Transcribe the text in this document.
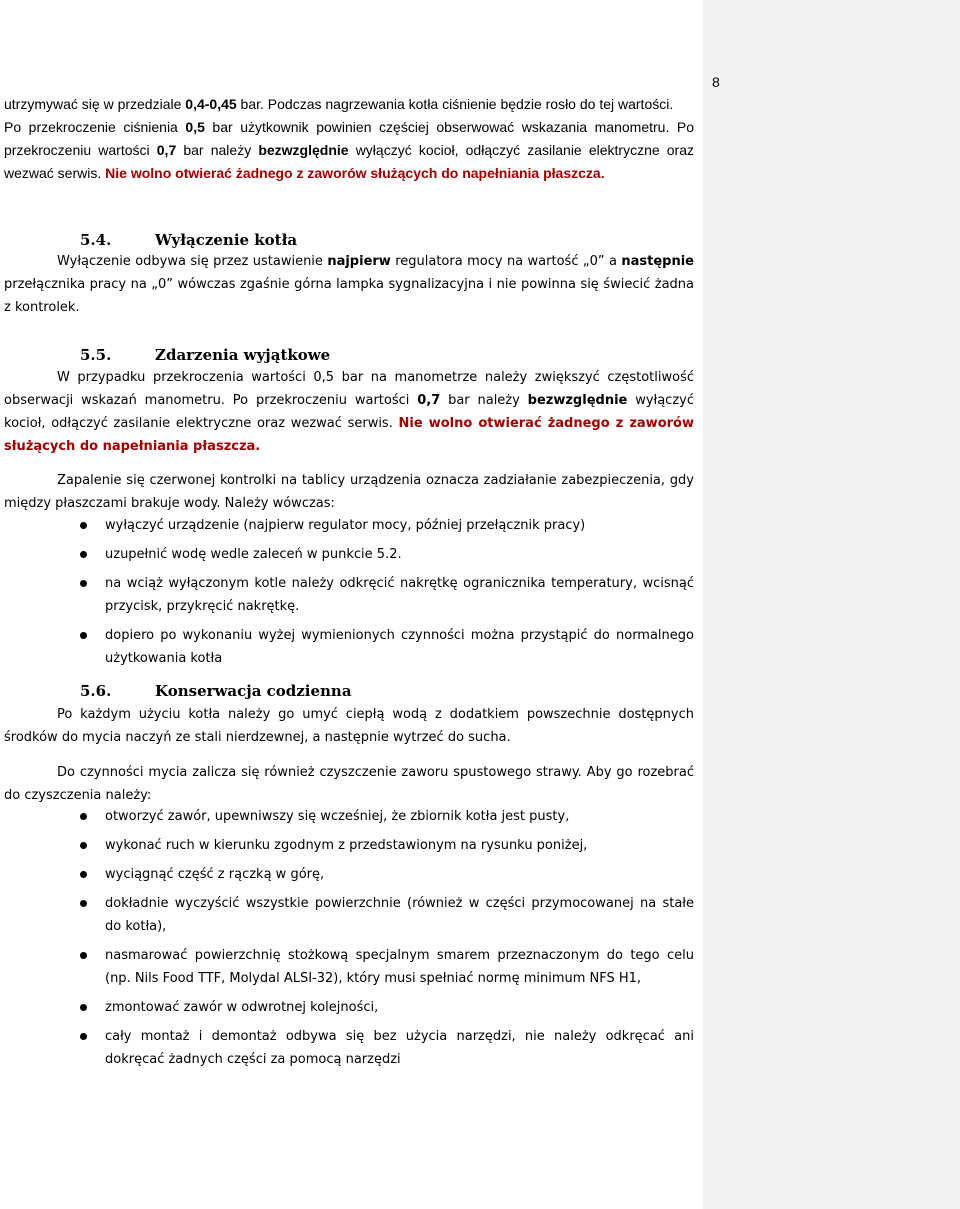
8

utrzymywać się w przedziale 0,4-0,45 bar. Podczas nagrzewania kotła ciśnienie będzie rosło do tej wartości.

Po przekroczenie ciśnienia 0,5 bar użytkownik powinien częściej obserwować wskazania manometru. Po przekroczeniu wartości 0,7 bar należy bezwzględnie wyłączyć kocioł, odłączyć zasilanie elektryczne oraz wezwać serwis. Nie wolno otwierać żadnego z zaworów służących do napełniania płaszcza.

5.4.	Wyłączenie kotła

Wyłączenie odbywa się przez ustawienie najpierw regulatora mocy na wartość „0” a następnie przełącznika pracy na „0” wówczas zgaśnie górna lampka sygnalizacyjna i nie powinna się świecić żadna z kontrolek.

5.5.	Zdarzenia wyjątkowe

W przypadku przekroczenia wartości 0,5 bar na manometrze należy zwiększyć częstotliwość obserwacji wskazań manometru. Po przekroczeniu wartości 0,7 bar należy bezwzględnie wyłączyć kocioł, odłączyć zasilanie elektryczne oraz wezwać serwis. Nie wolno otwierać żadnego z zaworów służących do napełniania płaszcza.

Zapalenie się czerwonej kontrolki na tablicy urządzenia oznacza zadziałanie zabezpieczenia, gdy między płaszczami brakuje wody. Należy wówczas:

wyłączyć urządzenie (najpierw regulator mocy, później przełącznik pracy)
uzupełnić wodę wedle zaleceń w punkcie 5.2.
na wciąż wyłączonym kotle należy odkręcić nakrętkę ogranicznika temperatury, wcisnąć przycisk, przykręcić nakrętkę.
dopiero po wykonaniu wyżej wymienionych czynności można przystąpić do normalnego użytkowania kotła
5.6.	Konserwacja codzienna

Po każdym użyciu kotła należy go umyć ciepłą wodą z dodatkiem powszechnie dostępnych środków do mycia naczyń ze stali nierdzewnej, a następnie wytrzeć do sucha.

Do czynności mycia zalicza się również czyszczenie zaworu spustowego strawy. Aby go rozebrać do czyszczenia należy:

otworzyć zawór, upewniwszy się wcześniej, że zbiornik kotła jest pusty,
wykonać ruch w kierunku zgodnym z przedstawionym na rysunku poniżej,
wyciągnąć część z rączką w górę,
dokładnie wyczyścić wszystkie powierzchnie (również w części przymocowanej na stałe do kotła),
nasmarować powierzchnię stożkową specjalnym smarem przeznaczonym do tego celu (np. Nils Food TTF, Molydal ALSI-32), który musi spełniać normę minimum NFS H1,
zmontować zawór w odwrotnej kolejności,
cały montaż i demontaż odbywa się bez użycia narzędzi, nie należy odkręcać ani dokręcać żadnych części za pomocą narzędzi
